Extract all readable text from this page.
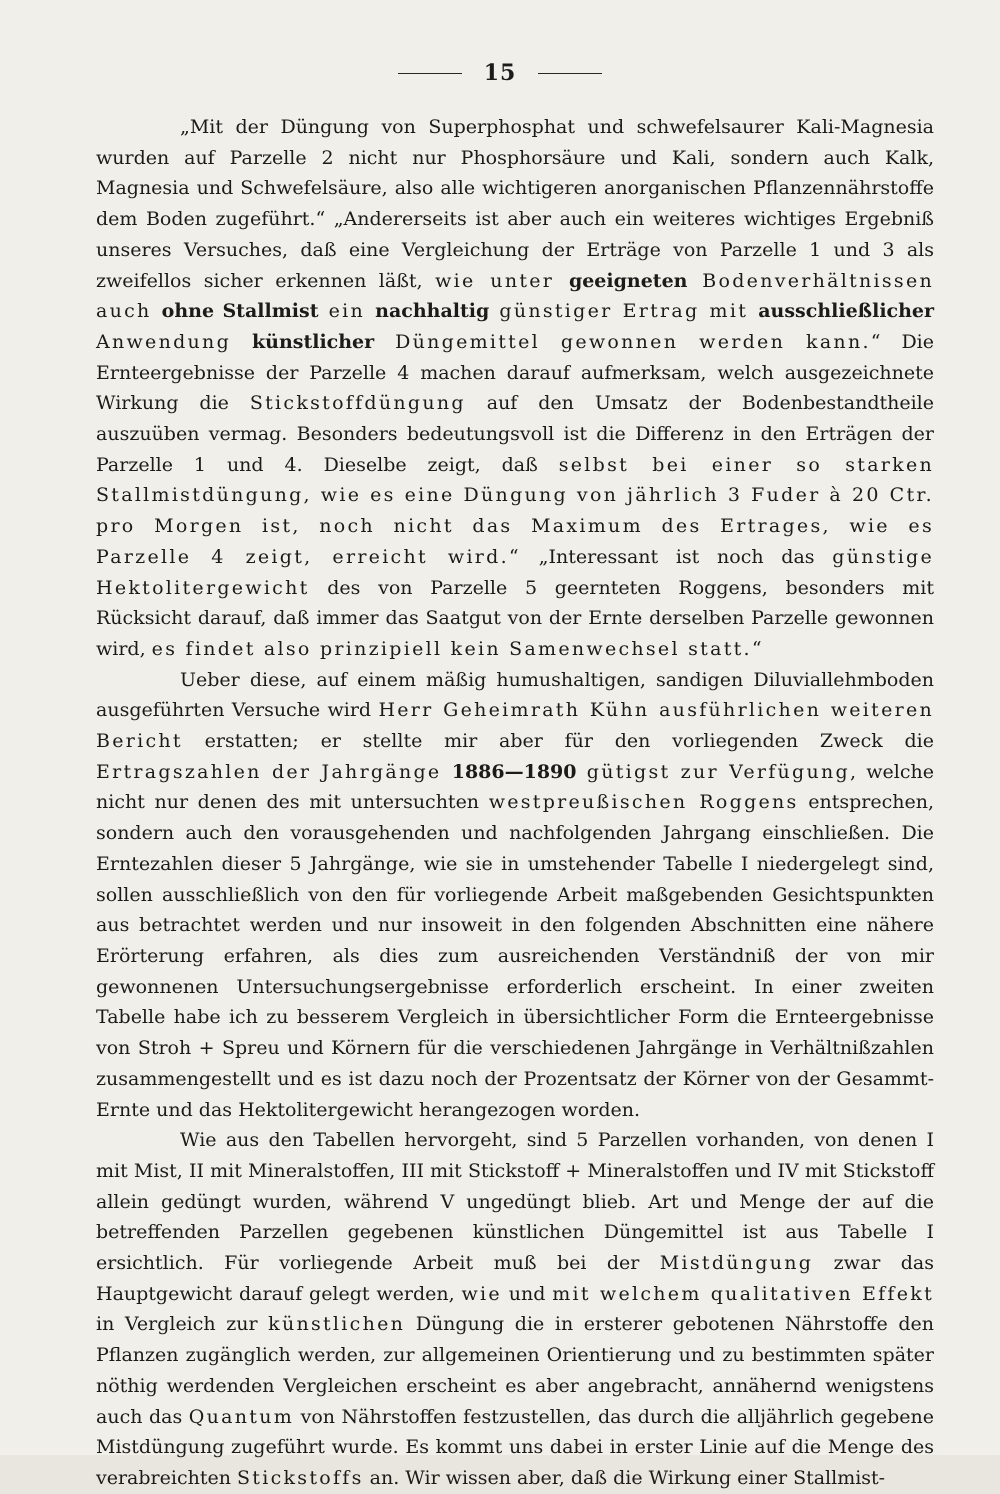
15

„Mit der Düngung von Superphosphat und schwefelsaurer Kali-Magnesia wurden auf Parzelle 2 nicht nur Phosphorsäure und Kali, sondern auch Kalk, Magnesia und Schwefelsäure, also alle wichtigeren anorganischen Pflanzennährstoffe dem Boden zugeführt.“ „Andererseits ist aber auch ein weiteres wichtiges Ergebniß unseres Versuches, daß eine Vergleichung der Erträge von Parzelle 1 und 3 als zweifellos sicher erkennen läßt, wie unter geeigneten Bodenverhältnissen auch ohne Stallmist ein nachhaltig günstiger Ertrag mit ausschließlicher Anwendung künstlicher Düngemittel gewonnen werden kann.“ Die Ernteergebnisse der Parzelle 4 machen darauf aufmerksam, welch ausgezeichnete Wirkung die Stickstoffdüngung auf den Umsatz der Bodenbestandtheile auszuüben vermag. Besonders bedeutungsvoll ist die Differenz in den Erträgen der Parzelle 1 und 4. Dieselbe zeigt, daß selbst bei einer so starken Stallmistdüngung, wie es eine Düngung von jährlich 3 Fuder à 20 Ctr. pro Morgen ist, noch nicht das Maximum des Ertrages, wie es Parzelle 4 zeigt, erreicht wird.“ „Interessant ist noch das günstige Hektolitergewicht des von Parzelle 5 geernteten Roggens, besonders mit Rücksicht darauf, daß immer das Saatgut von der Ernte derselben Parzelle gewonnen wird, es findet also prinzipiell kein Samenwechsel statt.“

Ueber diese, auf einem mäßig humushaltigen, sandigen Diluviallehmboden ausgeführten Versuche wird Herr Geheimrath Kühn ausführlichen weiteren Bericht erstatten; er stellte mir aber für den vorliegenden Zweck die Ertragszahlen der Jahrgänge 1886—1890 gütigst zur Verfügung, welche nicht nur denen des mit untersuchten westpreußischen Roggens entsprechen, sondern auch den vorausgehenden und nachfolgenden Jahrgang einschließen. Die Erntezahlen dieser 5 Jahrgänge, wie sie in umstehender Tabelle I niedergelegt sind, sollen ausschließlich von den für vorliegende Arbeit maßgebenden Gesichtspunkten aus betrachtet werden und nur insoweit in den folgenden Abschnitten eine nähere Erörterung erfahren, als dies zum ausreichenden Verständniß der von mir gewonnenen Untersuchungsergebnisse erforderlich erscheint. In einer zweiten Tabelle habe ich zu besserem Vergleich in übersichtlicher Form die Ernteergebnisse von Stroh + Spreu und Körnern für die verschiedenen Jahrgänge in Verhältnißzahlen zusammengestellt und es ist dazu noch der Prozentsatz der Körner von der Gesammt-Ernte und das Hektolitergewicht herangezogen worden.

Wie aus den Tabellen hervorgeht, sind 5 Parzellen vorhanden, von denen I mit Mist, II mit Mineralstoffen, III mit Stickstoff + Mineralstoffen und IV mit Stickstoff allein gedüngt wurden, während V ungedüngt blieb. Art und Menge der auf die betreffenden Parzellen gegebenen künstlichen Düngemittel ist aus Tabelle I ersichtlich. Für vorliegende Arbeit muß bei der Mistdüngung zwar das Hauptgewicht darauf gelegt werden, wie und mit welchem qualitativen Effekt in Vergleich zur künstlichen Düngung die in ersterer gebotenen Nährstoffe den Pflanzen zugänglich werden, zur allgemeinen Orientierung und zu bestimmten später nöthig werdenden Vergleichen erscheint es aber angebracht, annähernd wenigstens auch das Quantum von Nährstoffen festzustellen, das durch die alljährlich gegebene Mistdüngung zugeführt wurde. Es kommt uns dabei in erster Linie auf die Menge des verabreichten Stickstoffs an. Wir wissen aber, daß die Wirkung einer Stallmist-
